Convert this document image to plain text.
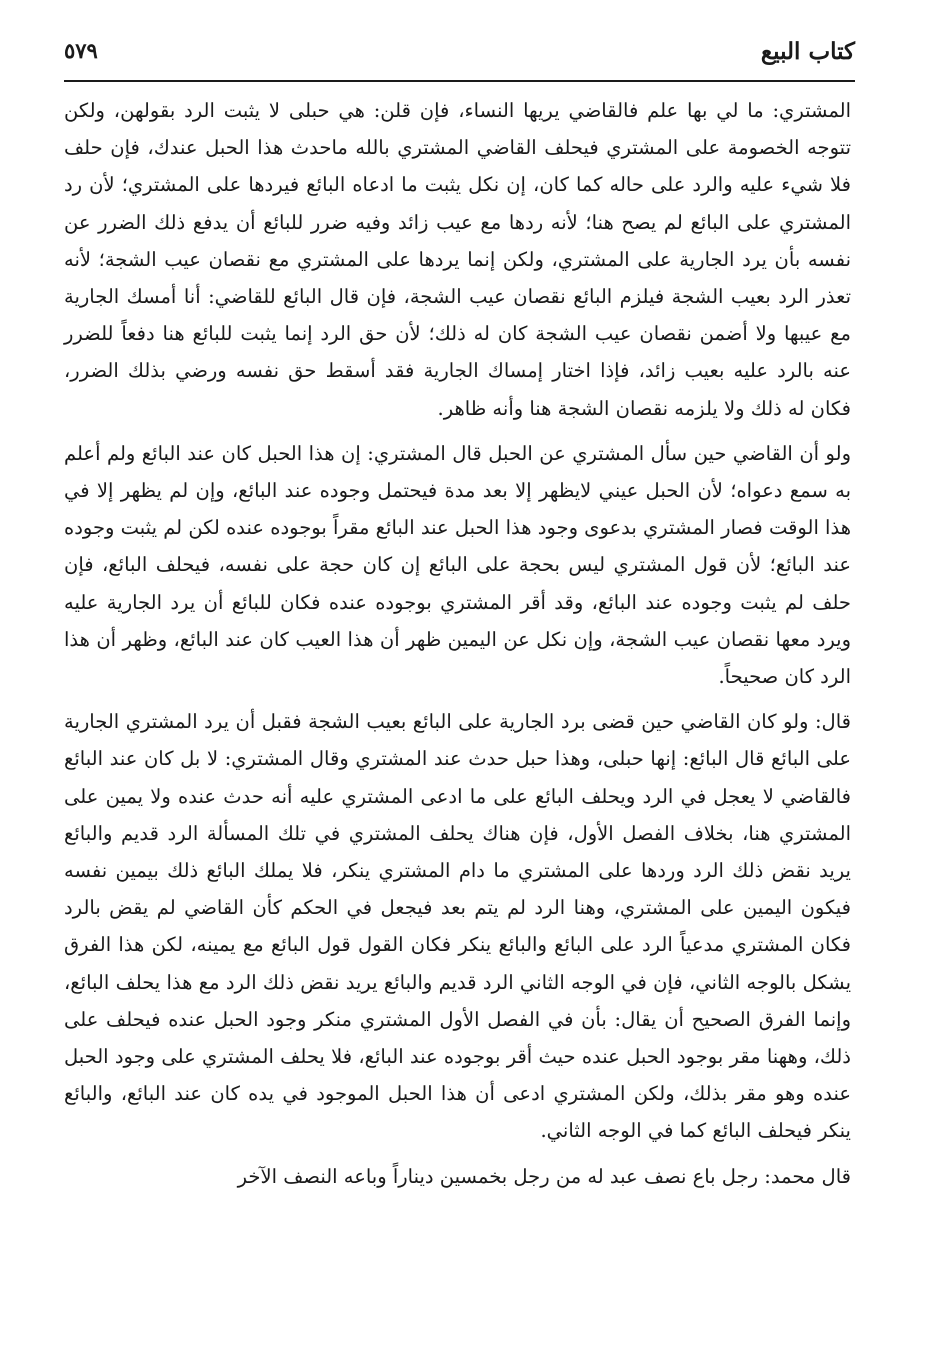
كتاب البيع
٥٧٩

المشتري: ما لي بها علم فالقاضي يريها النساء، فإن قلن: هي حبلى لا يثبت الرد بقولهن، ولكن تتوجه الخصومة على المشتري فيحلف القاضي المشتري بالله ماحدث هذا الحبل عندك، فإن حلف فلا شيء عليه والرد على حاله كما كان، إن نكل يثبت ما ادعاه البائع فيردها على المشتري؛ لأن رد المشتري على البائع لم يصح هنا؛ لأنه ردها مع عيب زائد وفيه ضرر للبائع أن يدفع ذلك الضرر عن نفسه بأن يرد الجارية على المشتري، ولكن إنما يردها على المشتري مع نقصان عيب الشجة؛ لأنه تعذر الرد بعيب الشجة فيلزم البائع نقصان عيب الشجة، فإن قال البائع للقاضي: أنا أمسك الجارية مع عيبها ولا أضمن نقصان عيب الشجة كان له ذلك؛ لأن حق الرد إنما يثبت للبائع هنا دفعاً للضرر عنه بالرد عليه بعيب زائد، فإذا اختار إمساك الجارية فقد أسقط حق نفسه ورضي بذلك الضرر، فكان له ذلك ولا يلزمه نقصان الشجة هنا وأنه ظاهر.

ولو أن القاضي حين سأل المشتري عن الحبل قال المشتري: إن هذا الحبل كان عند البائع ولم أعلم به سمع دعواه؛ لأن الحبل عيني لايظهر إلا بعد مدة فيحتمل وجوده عند البائع، وإن لم يظهر إلا في هذا الوقت فصار المشتري بدعوى وجود هذا الحبل عند البائع مقراً بوجوده عنده لكن لم يثبت وجوده عند البائع؛ لأن قول المشتري ليس بحجة على البائع إن كان حجة على نفسه، فيحلف البائع، فإن حلف لم يثبت وجوده عند البائع، وقد أقر المشتري بوجوده عنده فكان للبائع أن يرد الجارية عليه ويرد معها نقصان عيب الشجة، وإن نكل عن اليمين ظهر أن هذا العيب كان عند البائع، وظهر أن هذا الرد كان صحيحاً.

قال: ولو كان القاضي حين قضى برد الجارية على البائع بعيب الشجة فقبل أن يرد المشتري الجارية على البائع قال البائع: إنها حبلى، وهذا حبل حدث عند المشتري وقال المشتري: لا بل كان عند البائع فالقاضي لا يعجل في الرد ويحلف البائع على ما ادعى المشتري عليه أنه حدث عنده ولا يمين على المشتري هنا، بخلاف الفصل الأول، فإن هناك يحلف المشتري في تلك المسألة الرد قديم والبائع يريد نقض ذلك الرد وردها على المشتري ما دام المشتري ينكر، فلا يملك البائع ذلك بيمين نفسه فيكون اليمين على المشتري، وهنا الرد لم يتم بعد فيجعل في الحكم كأن القاضي لم يقض بالرد فكان المشتري مدعياً الرد على البائع والبائع ينكر فكان القول قول البائع مع يمينه، لكن هذا الفرق يشكل بالوجه الثاني، فإن في الوجه الثاني الرد قديم والبائع يريد نقض ذلك الرد مع هذا يحلف البائع، وإنما الفرق الصحيح أن يقال: بأن في الفصل الأول المشتري منكر وجود الحبل عنده فيحلف على ذلك، وههنا مقر بوجود الحبل عنده حيث أقر بوجوده عند البائع، فلا يحلف المشتري على وجود الحبل عنده وهو مقر بذلك، ولكن المشتري ادعى أن هذا الحبل الموجود في يده كان عند البائع، والبائع ينكر فيحلف البائع كما في الوجه الثاني.

قال محمد: رجل باع نصف عبد له من رجل بخمسين ديناراً وباعه النصف الآخر
